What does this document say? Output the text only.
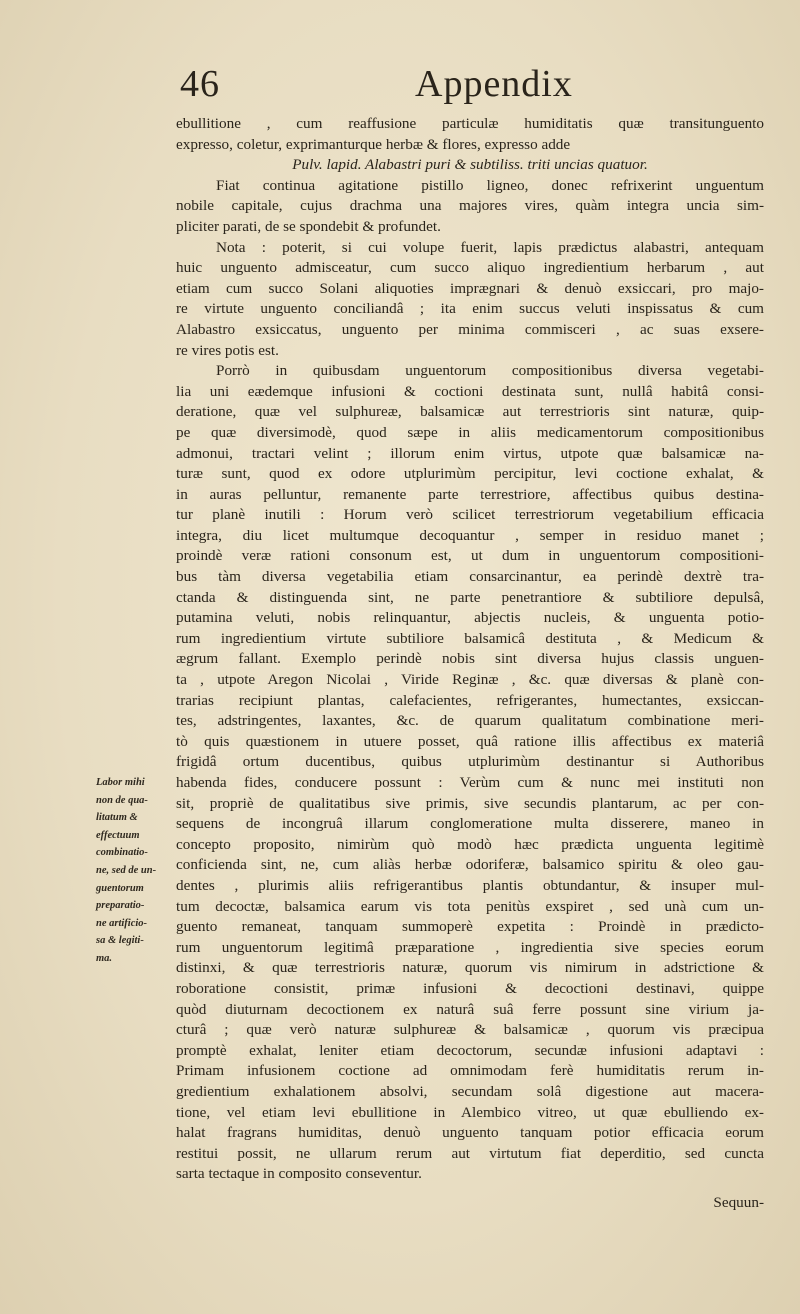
46	Appendix
Labor mihi
non de qua-
litatum &
effectuum
combinatio-
ne, sed de un-
guentorum
preparatio-
ne artificio-
sa & legiti-
ma.
ebullitione , cum reaffusione particulæ humiditatis quæ transitunguento
expresso, coletur, exprimanturque herbæ & flores, expresso adde
Pulv. lapid. Alabastri puri & subtiliss. triti uncias quatuor.
Fiat continua agitatione pistillo ligneo, donec refrixerint unguentum
nobile capitale, cujus drachma una majores vires, quàm integra uncia sim-
pliciter parati, de se spondebit & profundet.
Nota : poterit, si cui volupe fuerit, lapis prædictus alabastri, antequam
huic unguento admisceatur, cum succo aliquo ingredientium herbarum , aut
etiam cum succo Solani aliquoties imprægnari & denuò exsiccari, pro majo-
re virtute unguento conciliandâ ; ita enim succus veluti inspissatus & cum
Alabastro exsiccatus, unguento per minima commisceri , ac suas exsere-
re vires potis est.
Porrò in quibusdam unguentorum compositionibus diversa vegetabi-
lia uni eædemque infusioni & coctioni destinata sunt, nullâ habitâ consi-
deratione, quæ vel sulphureæ, balsamicæ aut terrestrioris sint naturæ, quip-
pe quæ diversimodè, quod sæpe in aliis medicamentorum compositionibus
admonui, tractari velint ; illorum enim virtus, utpote quæ balsamicæ na-
turæ sunt, quod ex odore utplurimùm percipitur, levi coctione exhalat, &
in auras pelluntur, remanente parte terrestriore, affectibus quibus destina-
tur planè inutili : Horum verò scilicet terrestriorum vegetabilium efficacia
integra, diu licet multumque decoquantur , semper in residuo manet ;
proindè veræ rationi consonum est, ut dum in unguentorum compositioni-
bus tàm diversa vegetabilia etiam consarcinantur, ea perindè dextrè tra-
ctanda & distinguenda sint, ne parte penetrantiore & subtiliore depulsâ,
putamina veluti, nobis relinquantur, abjectis nucleis, & unguenta potio-
rum ingredientium virtute subtiliore balsamicâ destituta , & Medicum &
ægrum fallant. Exemplo perindè nobis sint diversa hujus classis unguen-
ta , utpote Aregon Nicolai , Viride Reginæ , &c. quæ diversas & planè con-
trarias recipiunt plantas, calefacientes, refrigerantes, humectantes, exsiccan-
tes, adstringentes, laxantes, &c. de quarum qualitatum combinatione meri-
tò quis quæstionem in utuere posset, quâ ratione illis affectibus ex materiâ
frigidâ ortum ducentibus, quibus utplurimùm destinantur si Authoribus
habenda fides, conducere possunt : Verùm cum & nunc mei instituti non
sit, propriè de qualitatibus sive primis, sive secundis plantarum, ac per con-
sequens de incongruâ illarum conglomeratione multa disserere, maneo in
concepto proposito, nimirùm quò modò hæc prædicta unguenta legitimè
conficienda sint, ne, cum aliàs herbæ odoriferæ, balsamico spiritu & oleo gau-
dentes , plurimis aliis refrigerantibus plantis obtundantur, & insuper mul-
tum decoctæ, balsamica earum vis tota penitùs exspiret , sed unà cum un-
guento remaneat, tanquam summoperè expetita : Proindè in prædicto-
rum unguentorum legitimâ præparatione , ingredientia sive species eorum
distinxi, & quæ terrestrioris naturæ, quorum vis nimirum in adstrictione &
roboratione consistit, primæ infusioni & decoctioni destinavi, quippe
quòd diuturnam decoctionem ex naturâ suâ ferre possunt sine virium ja-
cturâ ; quæ verò naturæ sulphureæ & balsamicæ , quorum vis præcipua
promptè exhalat, leniter etiam decoctorum, secundæ infusioni adaptavi :
Primam infusionem coctione ad omnimodam ferè humiditatis rerum in-
gredientium exhalationem absolvi, secundam solâ digestione aut macera-
tione, vel etiam levi ebullitione in Alembico vitreo, ut quæ ebulliendo ex-
halat fragrans humiditas, denuò unguento tanquam potior efficacia eorum
restitui possit, ne ullarum rerum aut virtutum fiat deperditio, sed cuncta
sarta tectaque in composito conseventur.
Sequun-
